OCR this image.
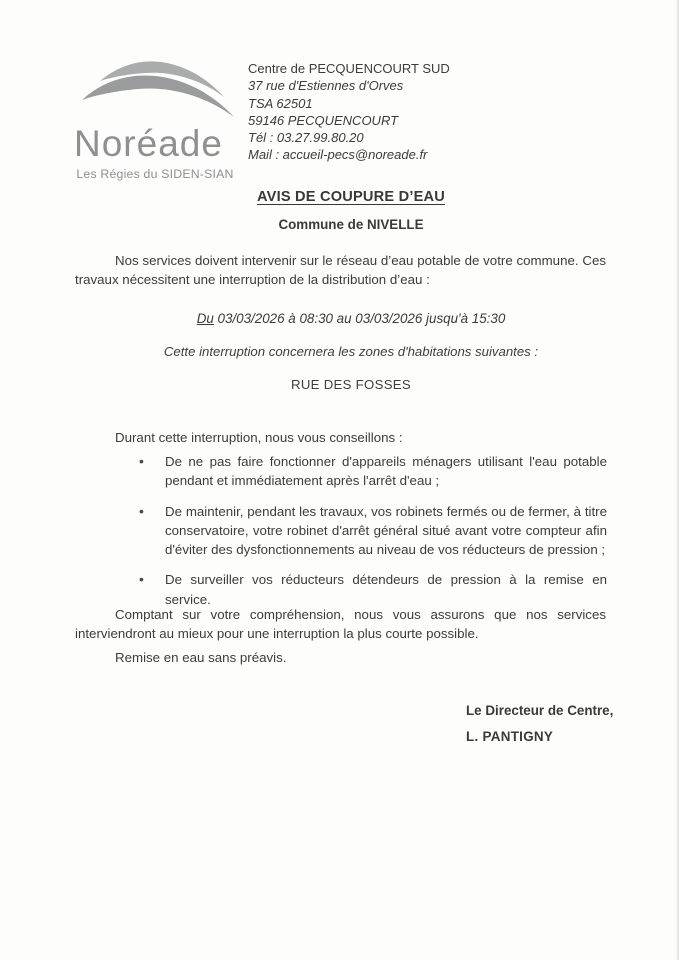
Noréade
Les Régies du SIDEN-SIAN
Centre de PECQUENCOURT SUD
37 rue d'Estiennes d'Orves
TSA 62501
59146 PECQUENCOURT
Tél : 03.27.99.80.20
Mail : accueil-pecs@noreade.fr
AVIS DE COUPURE D’EAU
Commune de NIVELLE
Nos services doivent intervenir sur le réseau d’eau potable de votre commune. Ces travaux nécessitent une interruption de la distribution d’eau :
Du 03/03/2026 à 08:30 au 03/03/2026 jusqu'à 15:30
Cette interruption concernera les zones d'habitations suivantes :
RUE DES FOSSES
Durant cette interruption, nous vous conseillons :
• De ne pas faire fonctionner d'appareils ménagers utilisant l'eau potable pendant et immédiatement après l'arrêt d'eau ;
• De maintenir, pendant les travaux, vos robinets fermés ou de fermer, à titre conservatoire, votre robinet d'arrêt général situé avant votre compteur afin d'éviter des dysfonctionnements au niveau de vos réducteurs de pression ;
• De surveiller vos réducteurs détendeurs de pression à la remise en service.
Comptant sur votre compréhension, nous vous assurons que nos services interviendront au mieux pour une interruption la plus courte possible.
Remise en eau sans préavis.
Le Directeur de Centre,
L. PANTIGNY
